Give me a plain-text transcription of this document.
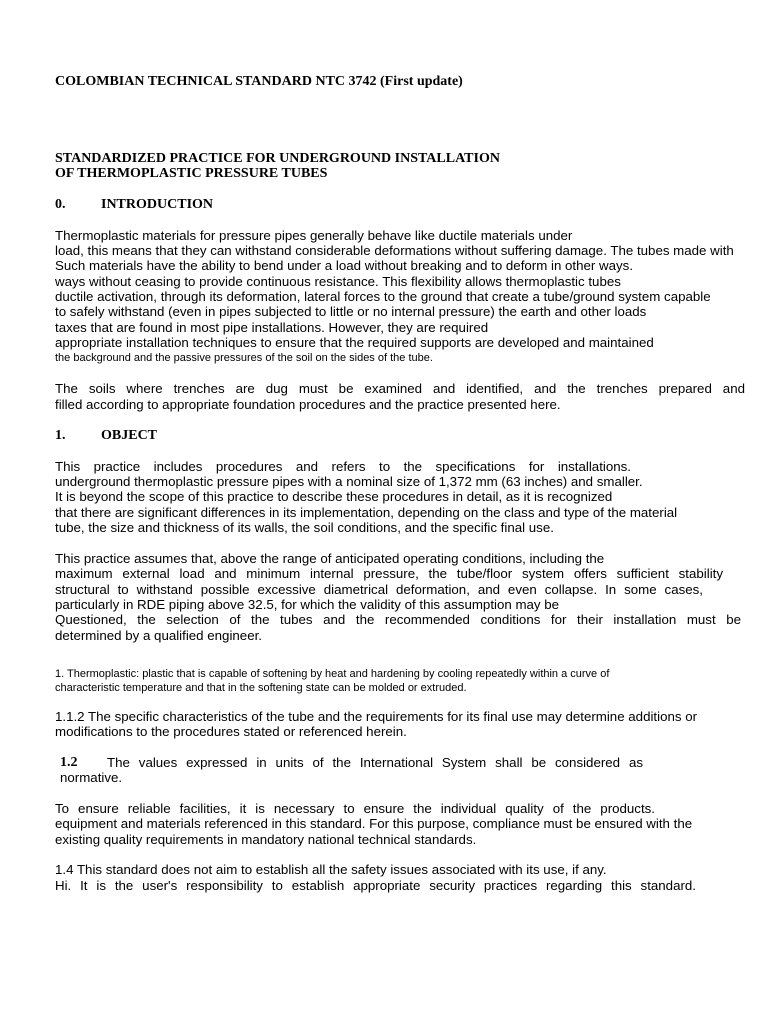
COLOMBIAN TECHNICAL STANDARD NTC 3742 (First update)
STANDARDIZED PRACTICE FOR UNDERGROUND INSTALLATION
OF THERMOPLASTIC PRESSURE TUBES
0.	INTRODUCTION
Thermoplastic materials for pressure pipes generally behave like ductile materials under
load, this means that they can withstand considerable deformations without suffering damage. The tubes made with
Such materials have the ability to bend under a load without breaking and to deform in other ways.
ways without ceasing to provide continuous resistance. This flexibility allows thermoplastic tubes
ductile activation, through its deformation, lateral forces to the ground that create a tube/ground system capable
to safely withstand (even in pipes subjected to little or no internal pressure) the earth and other loads
taxes that are found in most pipe installations. However, they are required
appropriate installation techniques to ensure that the required supports are developed and maintained
the background and the passive pressures of the soil on the sides of the tube.
The soils where trenches are dug must be examined and identified, and the trenches prepared and
filled according to appropriate foundation procedures and the practice presented here.
1.	OBJECT
This practice includes procedures and refers to the specifications for installations.
underground thermoplastic pressure pipes with a nominal size of 1,372 mm (63 inches) and smaller.
It is beyond the scope of this practice to describe these procedures in detail, as it is recognized
that there are significant differences in its implementation, depending on the class and type of the material
tube, the size and thickness of its walls, the soil conditions, and the specific final use.
This practice assumes that, above the range of anticipated operating conditions, including the
maximum external load and minimum internal pressure, the tube/floor system offers sufficient stability
structural to withstand possible excessive diametrical deformation, and even collapse. In some cases,
particularly in RDE piping above 32.5, for which the validity of this assumption may be
Questioned, the selection of the tubes and the recommended conditions for their installation must be
determined by a qualified engineer.
1. Thermoplastic: plastic that is capable of softening by heat and hardening by cooling repeatedly within a curve of
characteristic temperature and that in the softening state can be molded or extruded.
1.1.2 The specific characteristics of the tube and the requirements for its final use may determine additions or
modifications to the procedures stated or referenced herein.
1.2 The values expressed in units of the International System shall be considered as
normative.
To ensure reliable facilities, it is necessary to ensure the individual quality of the products.
equipment and materials referenced in this standard. For this purpose, compliance must be ensured with the
existing quality requirements in mandatory national technical standards.
1.4 This standard does not aim to establish all the safety issues associated with its use, if any.
Hi. It is the user's responsibility to establish appropriate security practices regarding this standard.
